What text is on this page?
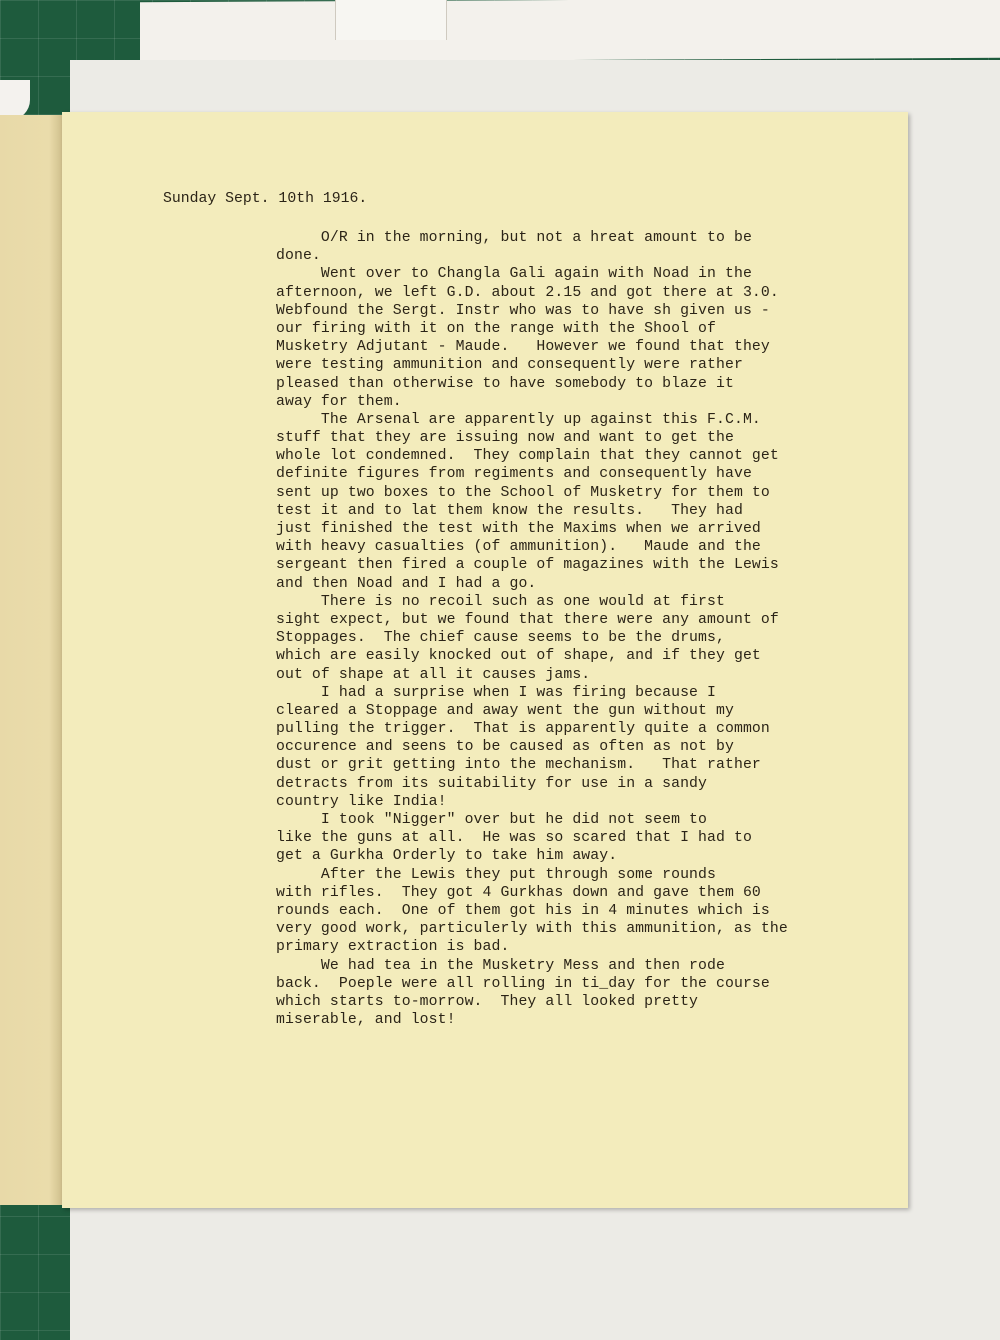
Sunday Sept. 10th 1916.
O/R in the morning, but not a hreat amount to be
done.
Went over to Changla Gali again with Noad in the
afternoon, we left G.D. about 2.15 and got there at 3.0.
Webfound the Sergt. Instr who was to have sh given us -
our firing with it on the range with the Shool of
Musketry Adjutant - Maude.   However we found that they
were testing ammunition and consequently were rather
pleased than otherwise to have somebody to blaze it
away for them.
The Arsenal are apparently up against this F.C.M.
stuff that they are issuing now and want to get the
whole lot condemned.  They complain that they cannot get
definite figures from regiments and consequently have
sent up two boxes to the School of Musketry for them to
test it and to lat them know the results.   They had
just finished the test with the Maxims when we arrived
with heavy casualties (of ammunition).   Maude and the
sergeant then fired a couple of magazines with the Lewis
and then Noad and I had a go.
There is no recoil such as one would at first
sight expect, but we found that there were any amount of
Stoppages.  The chief cause seems to be the drums,
which are easily knocked out of shape, and if they get
out of shape at all it causes jams.
I had a surprise when I was firing because I
cleared a Stoppage and away went the gun without my
pulling the trigger.  That is apparently quite a common
occurence and seens to be caused as often as not by
dust or grit getting into the mechanism.   That rather
detracts from its suitability for use in a sandy
country like India!
I took "Nigger" over but he did not seem to
like the guns at all.  He was so scared that I had to
get a Gurkha Orderly to take him away.
After the Lewis they put through some rounds
with rifles.  They got 4 Gurkhas down and gave them 60
rounds each.  One of them got his in 4 minutes which is
very good work, particulerly with this ammunition, as the
primary extraction is bad.
We had tea in the Musketry Mess and then rode
back.  Poeple were all rolling in ti_day for the course
which starts to-morrow.  They all looked pretty
miserable, and lost!
